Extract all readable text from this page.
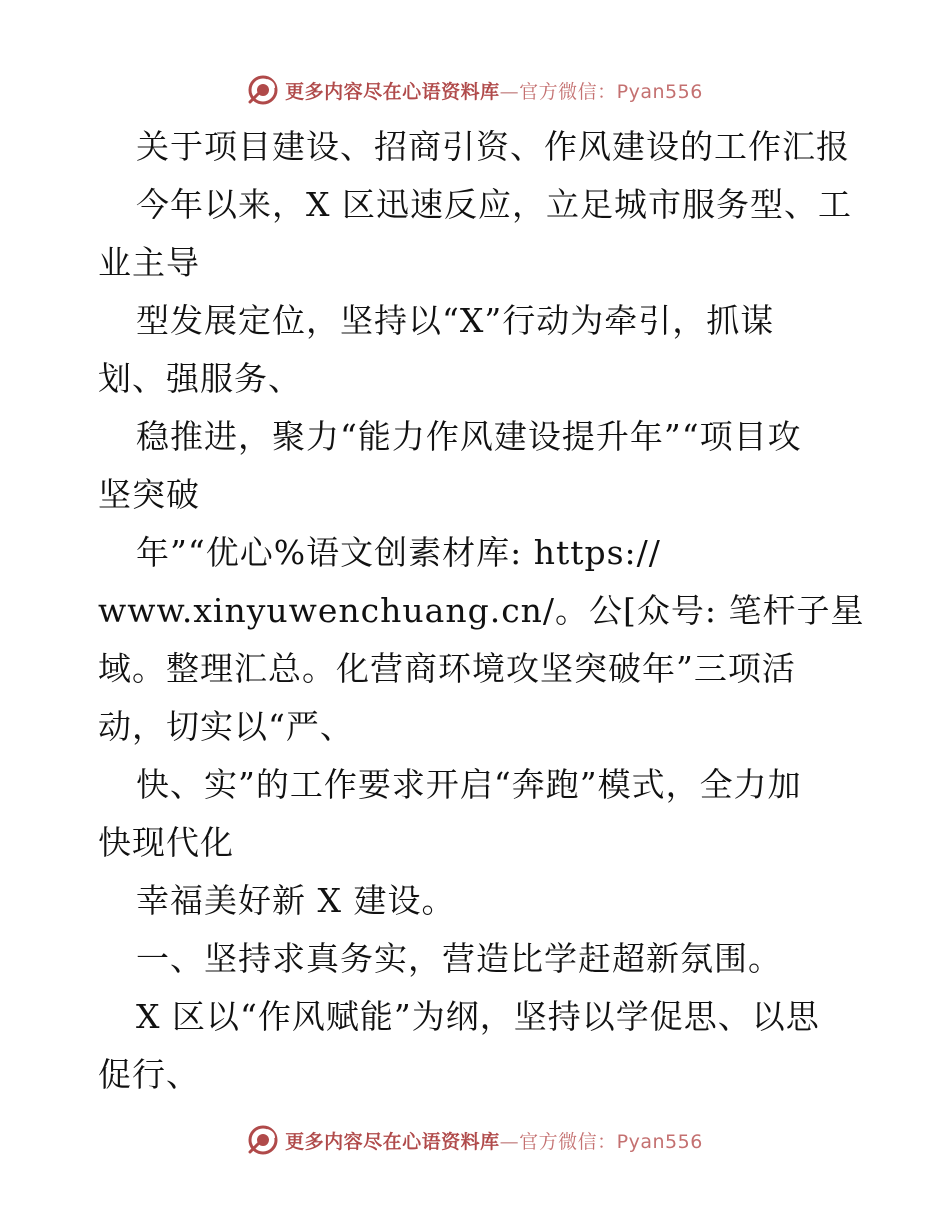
更多内容尽在心语资料库—官方微信：Pyan556
关于项目建设、招商引资、作风建设的工作汇报
今年以来，X 区迅速反应，立足城市服务型、工
业主导
型发展定位，坚持以“X”行动为牵引，抓谋
划、强服务、
稳推进，聚力“能力作风建设提升年”“项目攻
坚突破
年”“优心%语文创素材库: https://
www.xinyuwenchuang.cn/。公[众号: 笔杆子星
域。整理汇总。化营商环境攻坚突破年”三项活
动，切实以“严、
快、实”的工作要求开启“奔跑”模式，全力加
快现代化
幸福美好新 X 建设。
一、坚持求真务实，营造比学赶超新氛围。
X 区以“作风赋能”为纲，坚持以学促思、以思
促行、
更多内容尽在心语资料库—官方微信：Pyan556
